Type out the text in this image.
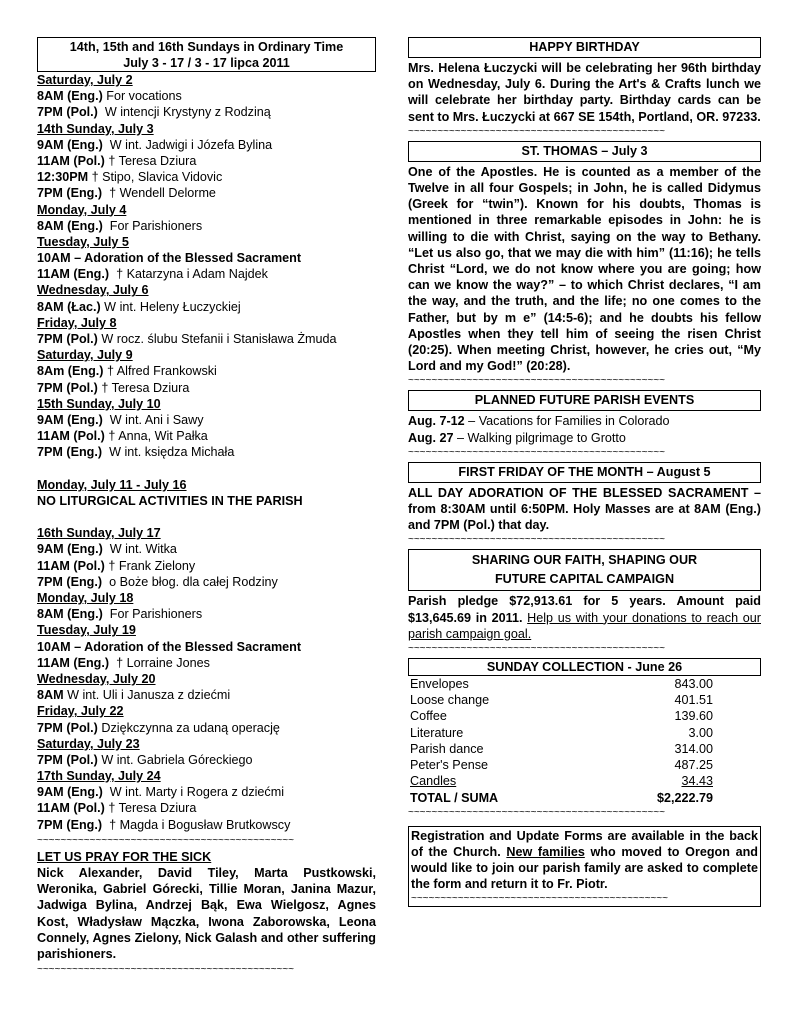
14th, 15th and 16th Sundays in Ordinary Time
July 3 - 17 / 3 - 17 lipca 2011
Saturday, July 2
8AM (Eng.) For vocations
7PM (Pol.)  W intencji Krystyny z Rodziną
14th Sunday, July 3
9AM (Eng.)  W int. Jadwigi i Józefa Bylina
11AM (Pol.) † Teresa Dziura
12:30PM † Stipo, Slavica Vidovic
7PM (Eng.)  † Wendell Delorme
Monday, July 4
8AM (Eng.)  For Parishioners
Tuesday, July 5
10AM – Adoration of the Blessed Sacrament
11AM (Eng.)  † Katarzyna i Adam Najdek
Wednesday, July 6
8AM (Łac.) W int. Heleny Łuczyckiej
Friday, July 8
7PM (Pol.) W rocz. ślubu Stefanii i Stanisława Żmuda
Saturday, July 9
8Am (Eng.) † Alfred Frankowski
7PM (Pol.) † Teresa Dziura
15th Sunday, July 10
9AM (Eng.)  W int. Ani i Sawy
11AM (Pol.) † Anna, Wit Pałka
7PM (Eng.)  W int. księdza Michała
Monday, July 11 - July 16
NO LITURGICAL ACTIVITIES IN THE PARISH
16th Sunday, July 17
9AM (Eng.)  W int. Witka
11AM (Pol.) † Frank Zielony
7PM (Eng.)  o Boże błog. dla całej Rodziny
Monday, July 18
8AM (Eng.)  For Parishioners
Tuesday, July 19
10AM – Adoration of the Blessed Sacrament
11AM (Eng.)  † Lorraine Jones
Wednesday, July 20
8AM W int. Uli i Janusza z dziećmi
Friday, July 22
7PM (Pol.) Dziękczynna za udaną operację
Saturday, July 23
7PM (Pol.) W int. Gabriela Góreckiego
17th Sunday, July 24
9AM (Eng.)  W int. Marty i Rogera z dziećmi
11AM (Pol.) † Teresa Dziura
7PM (Eng.)  † Magda i Bogusław Brutkowscy
~~~~~~~~~~~~~~~~~~~~~~~~~~~~~~~~~~~~~~~~~~~~
LET US PRAY FOR THE SICK
Nick Alexander, David Tiley, Marta Pustkowski, Weronika, Gabriel Górecki, Tillie Moran, Janina Mazur, Jadwiga Bylina, Andrzej Bąk, Ewa Wielgosz, Agnes Kost, Władysław Mączka, Iwona Zaborowska, Leona Connely, Agnes Zielony, Nick Galash and other suffering parishioners.
~~~~~~~~~~~~~~~~~~~~~~~~~~~~~~~~~~~~~~~~~~~~
HAPPY BIRTHDAY
Mrs. Helena Łuczycki will be celebrating her 96th birthday on Wednesday, July 6. During the Art's & Crafts lunch we will celebrate her birthday party. Birthday cards can be sent to Mrs. Łuczycki at 667 SE 154th, Portland, OR. 97233.
~~~~~~~~~~~~~~~~~~~~~~~~~~~~~~~~~~~~~~~~~~~~
ST. THOMAS – July 3
One of the Apostles. He is counted as a member of the Twelve in all four Gospels; in John, he is called Didymus (Greek for “twin”). Known for his doubts, Thomas is mentioned in three remarkable episodes in John: he is willing to die with Christ, saying on the way to Bethany. “Let us also go, that we may die with him” (11:16); he tells Christ “Lord, we do not know where you are going; how can we know the way?” – to which Christ declares, “I am the way, and the truth, and the life; no one comes to the Father, but by m e” (14:5-6); and he doubts his fellow Apostles when they tell him of seeing the risen Christ (20:25). When meeting Christ, however, he cries out, “My Lord and my God!” (20:28).
~~~~~~~~~~~~~~~~~~~~~~~~~~~~~~~~~~~~~~~~~~~~
PLANNED FUTURE PARISH EVENTS
Aug. 7-12 – Vacations for Families in Colorado
Aug. 27 – Walking pilgrimage to Grotto
~~~~~~~~~~~~~~~~~~~~~~~~~~~~~~~~~~~~~~~~~~~~
FIRST FRIDAY OF THE MONTH – August 5
ALL DAY ADORATION OF THE BLESSED SACRAMENT – from 8:30AM until 6:50PM. Holy Masses are at 8AM (Eng.) and 7PM (Pol.) that day.
~~~~~~~~~~~~~~~~~~~~~~~~~~~~~~~~~~~~~~~~~~~~
SHARING OUR FAITH, SHAPING OUR
FUTURE CAPITAL CAMPAIGN
Parish pledge $72,913.61 for 5 years. Amount paid $13,645.69 in 2011. Help us with your donations to reach our parish campaign goal.
~~~~~~~~~~~~~~~~~~~~~~~~~~~~~~~~~~~~~~~~~~~~
SUNDAY COLLECTION - June 26
Envelopes	843.00
Loose change	401.51
Coffee	139.60
Literature	3.00
Parish dance	314.00
Peter's Pense	487.25
Candles	34.43
TOTAL / SUMA	$2,222.79
~~~~~~~~~~~~~~~~~~~~~~~~~~~~~~~~~~~~~~~~~~~~
Registration and Update Forms are available in the back of the Church. New families who moved to Oregon and would like to join our parish family are asked to complete the form and return it to Fr. Piotr.
~~~~~~~~~~~~~~~~~~~~~~~~~~~~~~~~~~~~~~~~~~~~
